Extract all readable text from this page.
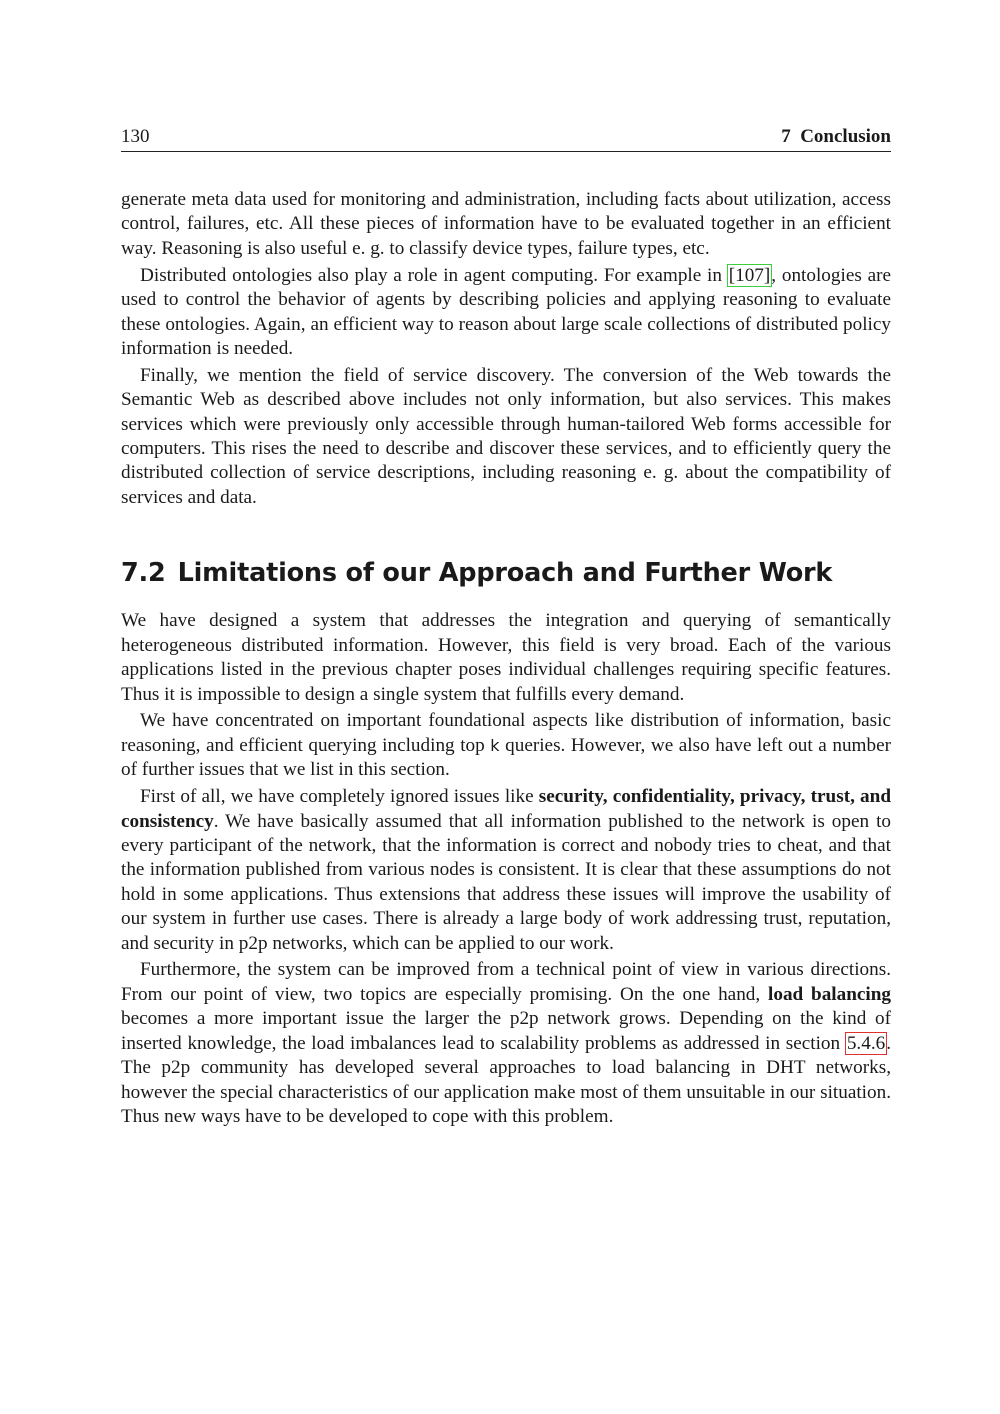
130	7  Conclusion

generate meta data used for monitoring and administration, including facts about utilization, access control, failures, etc. All these pieces of information have to be evaluated together in an efficient way. Reasoning is also useful e. g. to classify device types, failure types, etc.

Distributed ontologies also play a role in agent computing. For example in [107], ontologies are used to control the behavior of agents by describing policies and applying reasoning to evaluate these ontologies. Again, an efficient way to reason about large scale collections of distributed policy information is needed.

Finally, we mention the field of service discovery. The conversion of the Web towards the Semantic Web as described above includes not only information, but also services. This makes services which were previously only accessible through human-tailored Web forms accessible for computers. This rises the need to describe and discover these services, and to efficiently query the distributed collection of service descriptions, including reasoning e. g. about the compatibility of services and data.

7.2 Limitations of our Approach and Further Work

We have designed a system that addresses the integration and querying of semantically heterogeneous distributed information. However, this field is very broad. Each of the various applications listed in the previous chapter poses individual challenges requiring specific features. Thus it is impossible to design a single system that fulfills every demand.

We have concentrated on important foundational aspects like distribution of information, basic reasoning, and efficient querying including top k queries. However, we also have left out a number of further issues that we list in this section.

First of all, we have completely ignored issues like security, confidentiality, privacy, trust, and consistency. We have basically assumed that all information published to the network is open to every participant of the network, that the information is correct and nobody tries to cheat, and that the information published from various nodes is consistent. It is clear that these assumptions do not hold in some applications. Thus extensions that address these issues will improve the usability of our system in further use cases. There is already a large body of work addressing trust, reputation, and security in p2p networks, which can be applied to our work.

Furthermore, the system can be improved from a technical point of view in various directions. From our point of view, two topics are especially promising. On the one hand, load balancing becomes a more important issue the larger the p2p network grows. Depending on the kind of inserted knowledge, the load imbalances lead to scalability problems as addressed in section 5.4.6. The p2p community has developed several approaches to load balancing in DHT networks, however the special characteristics of our application make most of them unsuitable in our situation. Thus new ways have to be developed to cope with this problem.
